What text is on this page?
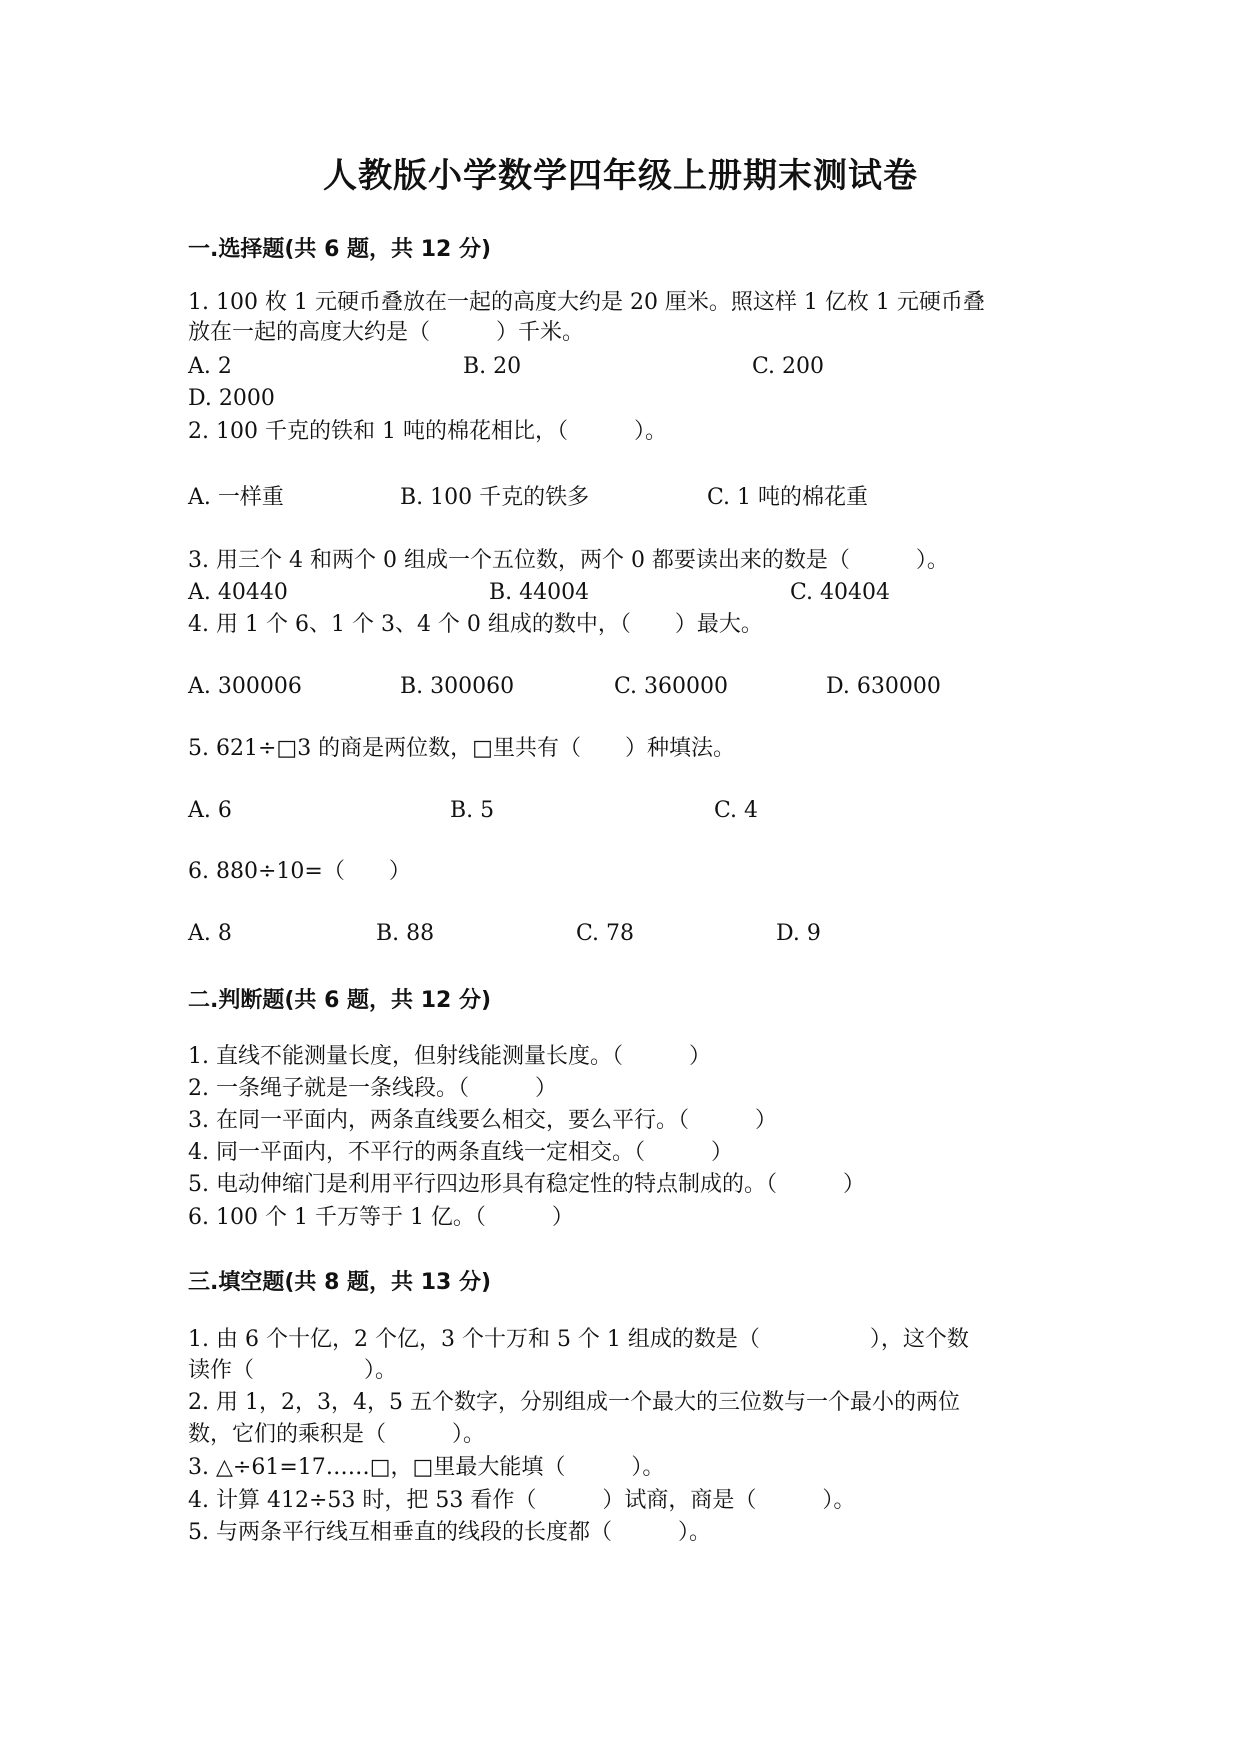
人教版小学数学四年级上册期末测试卷
一.选择题(共 6 题，共 12 分)
1. 100 枚 1 元硬币叠放在一起的高度大约是 20 厘米。照这样 1 亿枚 1 元硬币叠
放在一起的高度大约是（　　　）千米。
A. 2	B. 20	C. 200
D. 2000
2. 100 千克的铁和 1 吨的棉花相比，（　　　）。
A. 一样重	B. 100 千克的铁多	C. 1 吨的棉花重
3. 用三个 4 和两个 0 组成一个五位数，两个 0 都要读出来的数是（　　　）。
A. 40440	B. 44004	C. 40404
4. 用 1 个 6、1 个 3、4 个 0 组成的数中，（　　）最大。
A. 300006	B. 300060	C. 360000	D. 630000
5. 621÷□3 的商是两位数，□里共有（　　）种填法。
A. 6	B. 5	C. 4
6. 880÷10=（　　）
A. 8	B. 88	C. 78	D. 9
二.判断题(共 6 题，共 12 分)
1. 直线不能测量长度，但射线能测量长度。（　　　）
2. 一条绳子就是一条线段。（　　　）
3. 在同一平面内，两条直线要么相交，要么平行。（　　　）
4. 同一平面内，不平行的两条直线一定相交。（　　　）
5. 电动伸缩门是利用平行四边形具有稳定性的特点制成的。（　　　）
6. 100 个 1 千万等于 1 亿。（　　　）
三.填空题(共 8 题，共 13 分)
1. 由 6 个十亿，2 个亿，3 个十万和 5 个 1 组成的数是（　　　　　），这个数
读作（　　　　　）。
2. 用 1，2，3，4，5 五个数字，分别组成一个最大的三位数与一个最小的两位
数，它们的乘积是（　　　）。
3. △÷61=17……□，□里最大能填（　　　）。
4. 计算 412÷53 时，把 53 看作（　　　）试商，商是（　　　）。
5. 与两条平行线互相垂直的线段的长度都（　　　）。
